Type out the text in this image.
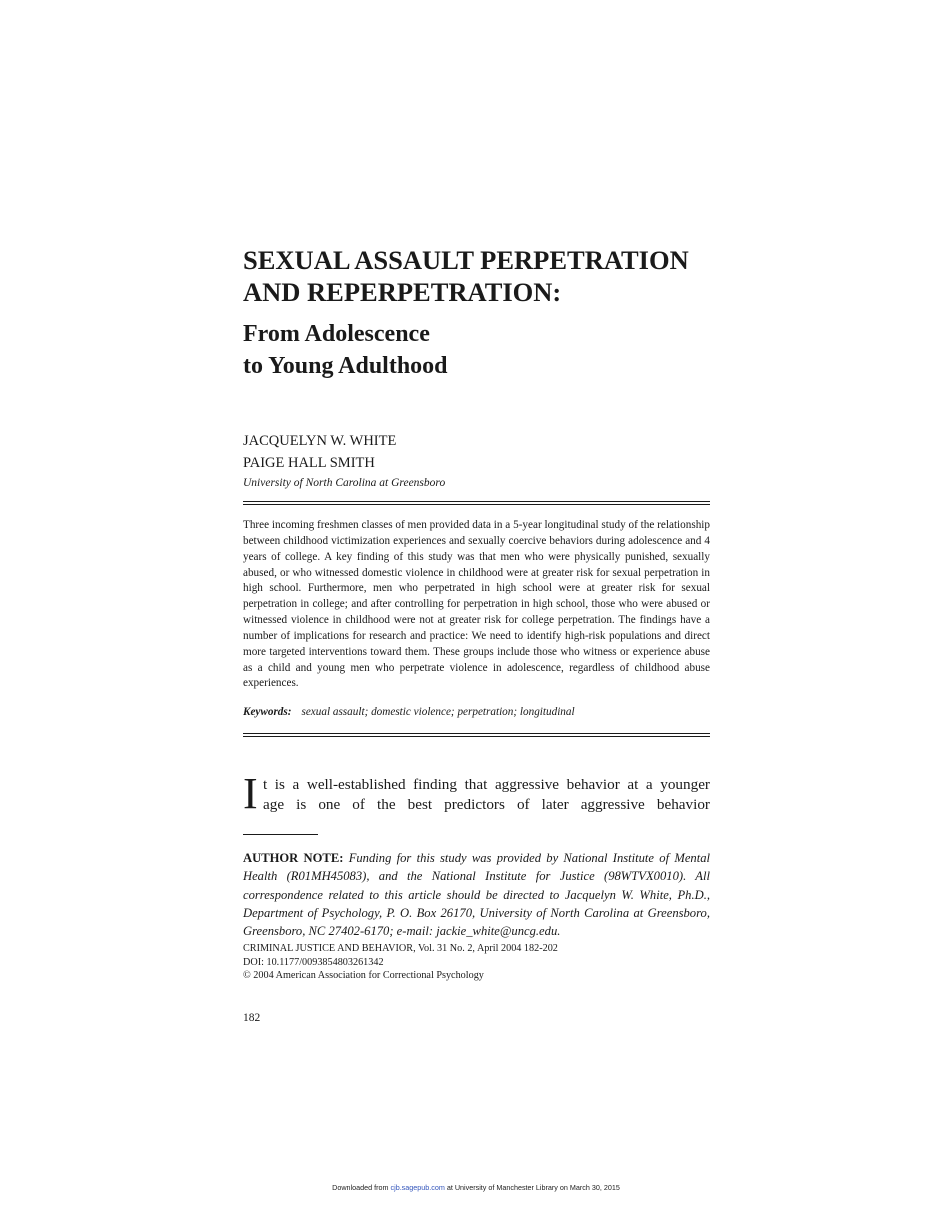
SEXUAL ASSAULT PERPETRATION
AND REPERPETRATION:
From Adolescence
to Young Adulthood
JACQUELYN W. WHITE
PAIGE HALL SMITH
University of North Carolina at Greensboro

Three incoming freshmen classes of men provided data in a 5-year longitudinal study of the relationship between childhood victimization experiences and sexually coercive behaviors during adolescence and 4 years of college. A key finding of this study was that men who were physically punished, sexually abused, or who witnessed domestic violence in childhood were at greater risk for sexual perpetration in high school. Furthermore, men who perpetrated in high school were at greater risk for sexual perpetration in college; and after controlling for perpetration in high school, those who were abused or witnessed violence in childhood were not at greater risk for college perpetration. The findings have a number of implications for research and practice: We need to identify high-risk populations and direct more targeted interventions toward them. These groups include those who witness or experience abuse as a child and young men who perpetrate violence in adolescence, regardless of childhood abuse experiences.

Keywords: sexual assault; domestic violence; perpetration; longitudinal
I t is a well-established finding that aggressive behavior at a younger
age is one of the best predictors of later aggressive behavior

AUTHOR NOTE: Funding for this study was provided by National Institute of Mental Health (R01MH45083), and the National Institute for Justice (98WTVX0010). All correspondence related to this article should be directed to Jacquelyn W. White, Ph.D., Department of Psychology, P. O. Box 26170, University of North Carolina at Greensboro, Greensboro, NC 27402-6170; e-mail: jackie_white@uncg.edu.

CRIMINAL JUSTICE AND BEHAVIOR, Vol. 31 No. 2, April 2004 182-202
DOI: 10.1177/0093854803261342
© 2004 American Association for Correctional Psychology
182
Downloaded from cjb.sagepub.com at University of Manchester Library on March 30, 2015
